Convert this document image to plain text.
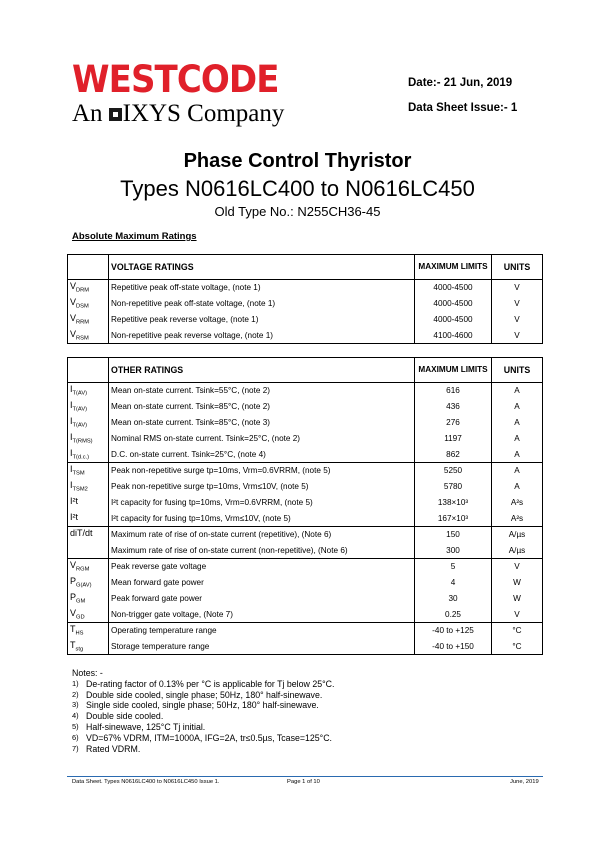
WESTCODE
An IXYS Company
Date:- 21 Jun, 2019
Data Sheet Issue:- 1
Phase Control Thyristor
Types N0616LC400 to N0616LC450
Old Type No.: N255CH36-45
Absolute Maximum Ratings
	VOLTAGE RATINGS	MAXIMUM LIMITS	UNITS
$V_{DRM}$	Repetitive peak off-state voltage, (note 1)	4000-4500	V
$V_{DSM}$	Non-repetitive peak off-state voltage, (note 1)	4000-4500	V
$V_{RRM}$	Repetitive peak reverse voltage, (note 1)	4000-4500	V
$V_{RSM}$	Non-repetitive peak reverse voltage, (note 1)	4100-4600	V
	OTHER RATINGS	MAXIMUM LIMITS	UNITS
$I_{T(AV)}$	Mean on-state current. Tsink=55°C, (note 2)	616	A
$I_{T(AV)}$	Mean on-state current. Tsink=85°C, (note 2)	436	A
$I_{T(AV)}$	Mean on-state current. Tsink=85°C, (note 3)	276	A
$I_{T(RMS)}$	Nominal RMS on-state current. Tsink=25°C, (note 2)	1197	A
$I_{T(d.c.)}$	D.C. on-state current. Tsink=25°C, (note 4)	862	A
$I_{TSM}$	Peak non-repetitive surge tp=10ms, Vrm=0.6VRRM, (note 5)	5250	A
$I_{TSM2}$	Peak non-repetitive surge tp=10ms, Vrm≤10V, (note 5)	5780	A
I²t	I²t capacity for fusing tp=10ms, Vrm=0.6VRRM, (note 5)	138×10³	A²s
I²t	I²t capacity for fusing tp=10ms, Vrm≤10V, (note 5)	167×10³	A²s
diT/dt	Maximum rate of rise of on-state current (repetitive), (Note 6)	150	A/µs
	Maximum rate of rise of on-state current (non-repetitive), (Note 6)	300	A/µs
$V_{RGM}$	Peak reverse gate voltage	5	V
$P_{G(AV)}$	Mean forward gate power	4	W
$P_{GM}$	Peak forward gate power	30	W
$V_{GD}$	Non-trigger gate voltage, (Note 7)	0.25	V
$T_{HS}$	Operating temperature range	-40 to +125	°C
$T_{stg}$	Storage temperature range	-40 to +150	°C
Notes: -
1) De-rating factor of 0.13% per °C is applicable for Tj below 25°C.
2) Double side cooled, single phase; 50Hz, 180° half-sinewave.
3) Single side cooled, single phase; 50Hz, 180° half-sinewave.
4) Double side cooled.
5) Half-sinewave, 125°C Tj initial.
6) VD=67% VDRM, ITM=1000A, IFG=2A, tr≤0.5µs, Tcase=125°C.
7) Rated VDRM.
Data Sheet. Types N0616LC400 to N0616LC450 Issue 1.	Page 1 of 10	June, 2019
